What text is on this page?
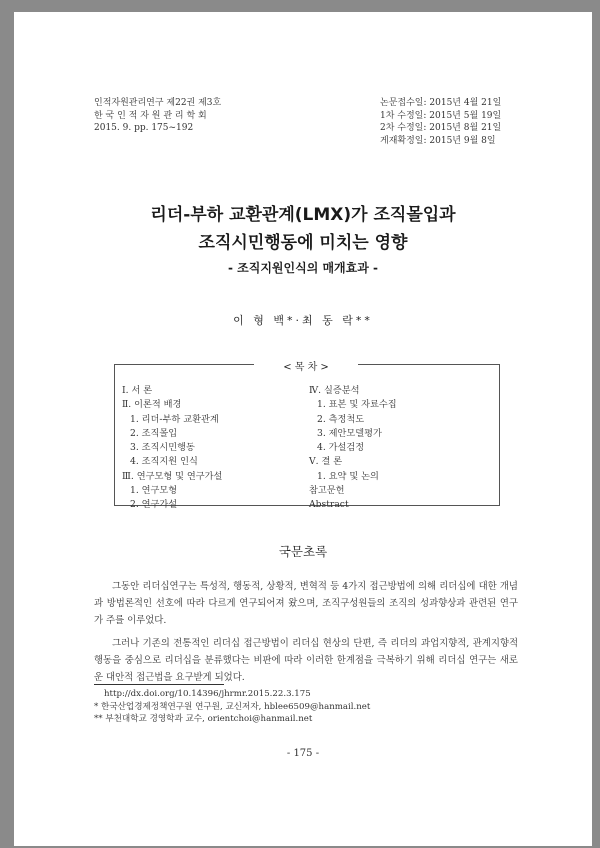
인적자원관리연구 제22권 제3호
한 국 인 적 자 원 관 리 학 회
2015. 9. pp. 175~192
논문접수일: 2015년 4월 21일
1차 수정일: 2015년 5월 19일
2차 수정일: 2015년 8월 21일
게재확정일: 2015년 9월 8일
리더-부하 교환관계(LMX)가 조직몰입과
조직시민행동에 미치는 영향
- 조직지원인식의 매개효과 -
이 형 백*·최 동 락**
< 목 차 >
Ⅰ. 서 론
Ⅱ. 이론적 배경
1. 리더-부하 교환관계
2. 조직몰입
3. 조직시민행동
4. 조직지원 인식
Ⅲ. 연구모형 및 연구가설
1. 연구모형
2. 연구가설
Ⅳ. 실증분석
1. 표본 및 자료수집
2. 측정척도
3. 제안모델평가
4. 가설검정
Ⅴ. 결 론
1. 요약 및 논의
참고문헌
Abstract
국문초록

그동안 리더십연구는 특성적, 행동적, 상황적, 변혁적 등 4가지 접근방법에 의해 리더십에 대한 개념과 방법론적인 선호에 따라 다르게 연구되어져 왔으며, 조직구성원들의 조직의 성과향상과 관련된 연구가 주를 이루었다.

그러나 기존의 전통적인 리더십 접근방법이 리더십 현상의 단편, 즉 리더의 과업지향적, 관계지향적 행동을 중심으로 리더십을 분류했다는 비판에 따라 이러한 한계점을 극복하기 위해 리더십 연구는 새로운 대안적 접근법을 요구받게 되었다.

http://dx.doi.org/10.14396/jhrmr.2015.22.3.175
* 한국산업경제정책연구원 연구원, 교신저자, hblee6509@hanmail.net
** 부천대학교 경영학과 교수, orientchoi@hanmail.net
- 175 -
